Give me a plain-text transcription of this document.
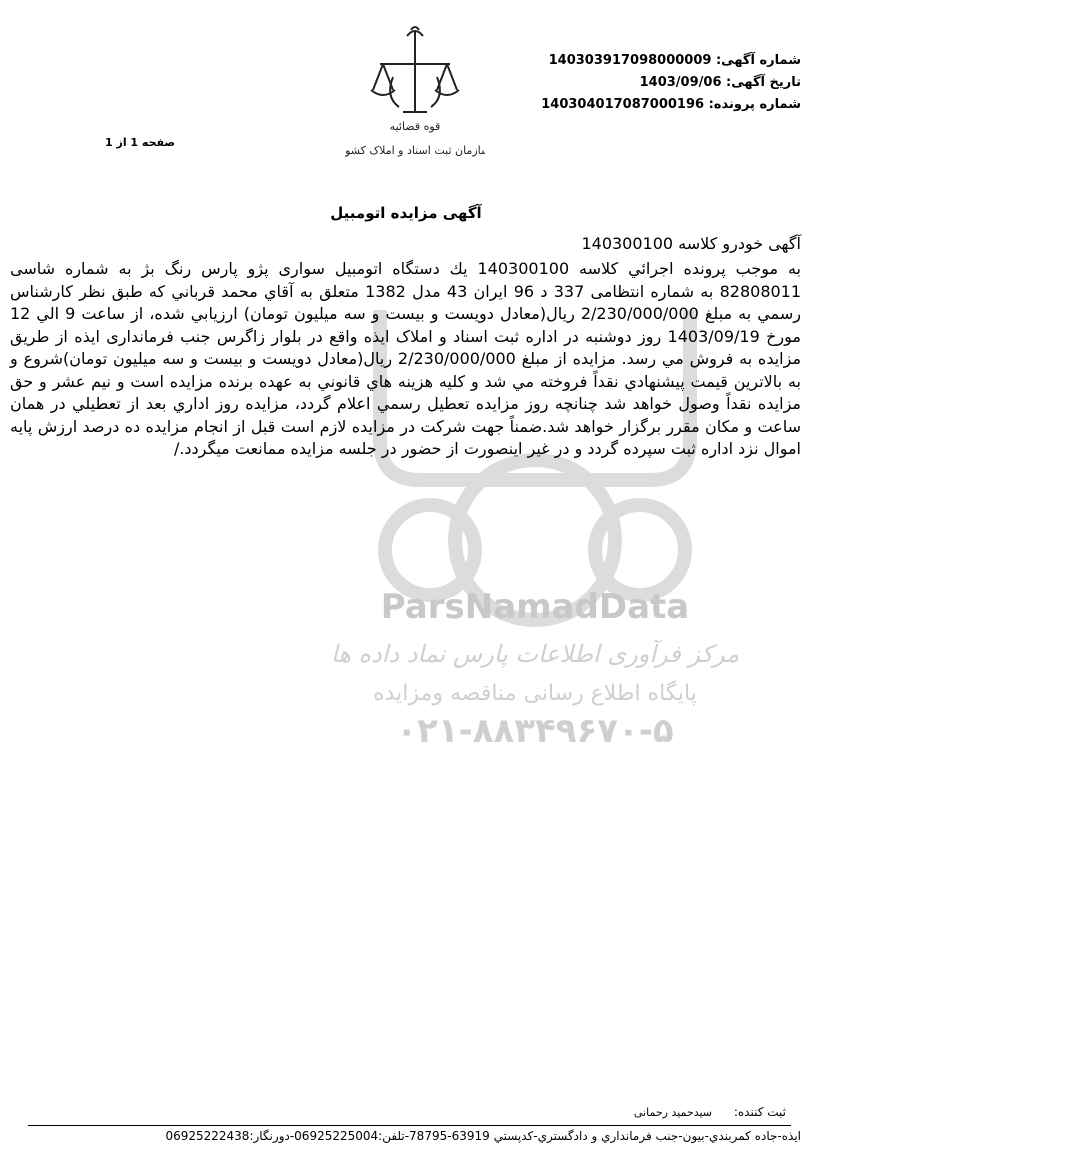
قوه قضائیه
سازمان ثبت اسناد و املاک کشور
شماره آگهی: 140303917098000009
تاریخ آگهی: 1403/09/06
شماره پرونده: 140304017087000196
صفحه 1 از 1
ParsNamadData
مرکز فرآوری اطلاعات پارس نماد داده ها
پایگاه اطلاع رسانی مناقصه ومزایده
۰۲۱-۸۸۳۴۹۶۷۰-۵
آگهی مزایده اتومبیل
آگهی خودرو کلاسه 140300100
به موجب پرونده اجرائي كلاسه 140300100 يك دستگاه اتومبيل سواری پژو پارس رنگ بژ به شماره شاسی 82808011 به شماره انتظامی 337 د 96 ایران 43 مدل 1382 متعلق به آقاي محمد قرباني كه طبق نظر كارشناس رسمي به مبلغ 2/230/000/000 ريال(معادل دويست و بيست و سه ميليون تومان) ارزيابي شده، از ساعت 9 الي 12 مورخ 1403/09/19 روز دوشنبه در اداره ثبت اسناد و املاک ایذه واقع در بلوار زاگرس جنب فرمانداری ایذه از طريق مزايده به فروش مي رسد. مزايده از مبلغ 2/230/000/000 ريال(معادل دويست و بيست و سه ميليون تومان)شروع و به بالاترين قيمت پيشنهادي نقداً فروخته مي شد و كليه هزينه هاي قانوني به عهده برنده مزايده است و نيم عشر و حق مزايده نقداً وصول خواهد شد چنانچه روز مزايده تعطيل رسمي اعلام گردد، مزايده روز اداري بعد از تعطيلي در همان ساعت و مكان مقرر برگزار خواهد شد.ضمناً جهت شركت در مزايده لازم است قبل از انجام مزايده ده درصد ارزش پايه اموال نزد اداره ثبت سپرده گردد و در غير اينصورت از حضور در جلسه مزايده ممانعت ميگردد./
ثبت کننده: سیدحمید رحمانی
ایذه-جاده کمربندي-بیون-جنب فرمانداري و دادگستري-کدپستي 63919-78795-تلفن:06925225004-دورنگار:06925222438
